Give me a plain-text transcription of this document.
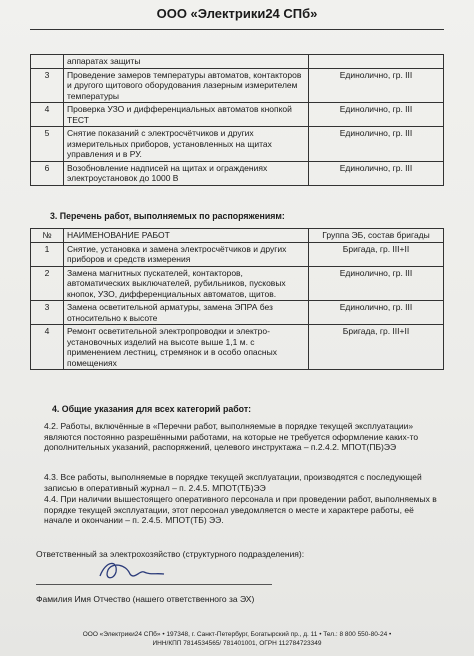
ООО «Электрики24 СПб»
	аппаратах защиты	
3	Проведение замеров температуры автоматов, контакторов и другого щитового оборудования лазерным измерителем температуры	Единолично, гр. III
4	Проверка УЗО и дифференциальных автоматов кнопкой ТЕСТ	Единолично, гр. III
5	Снятие показаний с электросчётчиков и других измерительных приборов, установленных на щитах управления и в РУ.	Единолично, гр. III
6	Возобновление надписей на щитах и ограждениях электроустановок до 1000 В	Единолично, гр. III
3. Перечень работ, выполняемых по распоряжениям:
№	НАИМЕНОВАНИЕ РАБОТ	Группа ЭБ, состав бригады
1	Снятие, установка и замена электросчётчиков и других приборов и средств измерения	Бригада, гр. III+II
2	Замена магнитных пускателей, контакторов, автоматических выключателей, рубильников, пусковых кнопок, УЗО, дифференциальных автоматов, щитов.	Единолично, гр. III
3	Замена осветительной арматуры, замена ЭПРА без относительно к высоте	Единолично, гр. III
4	Ремонт осветительной электропроводки и электро-установочных изделий на высоте выше 1,1 м. с применением лестниц, стремянок и в особо опасных помещениях	Бригада, гр. III+II
4. Общие указания для всех категорий работ:
4.2. Работы, включённые в «Перечни работ, выполняемые в порядке текущей эксплуатации» являются постоянно разрешёнными работами, на которые не требуется оформление каких-то дополнительных указаний, распоряжений, целевого инструктажа – п.2.4.2. МПОТ(ПБ)ЭЭ
4.3. Все работы, выполняемые в порядке текущей эксплуатации, производятся с последующей записью в оперативный журнал – п. 2.4.5. МПОТ(ТБ)ЭЭ
4.4. При наличии вышестоящего оперативного персонала и при проведении работ, выполняемых в порядке текущей эксплуатации, этот персонал уведомляется о месте и характере работы, её начале и окончании – п. 2.4.5. МПОТ(ТБ) ЭЭ.
Ответственный за электрохозяйство (структурного подразделения):
Фамилия Имя Отчество (нашего ответственного за ЭХ)
ООО «Электрики24 СПб» • 197348, г. Санкт-Петербург, Богатырский пр., д. 11 • Тел.: 8 800 550-80-24 •
ИНН/КПП 7814534565/ 781401001, ОГРН 112784723349
